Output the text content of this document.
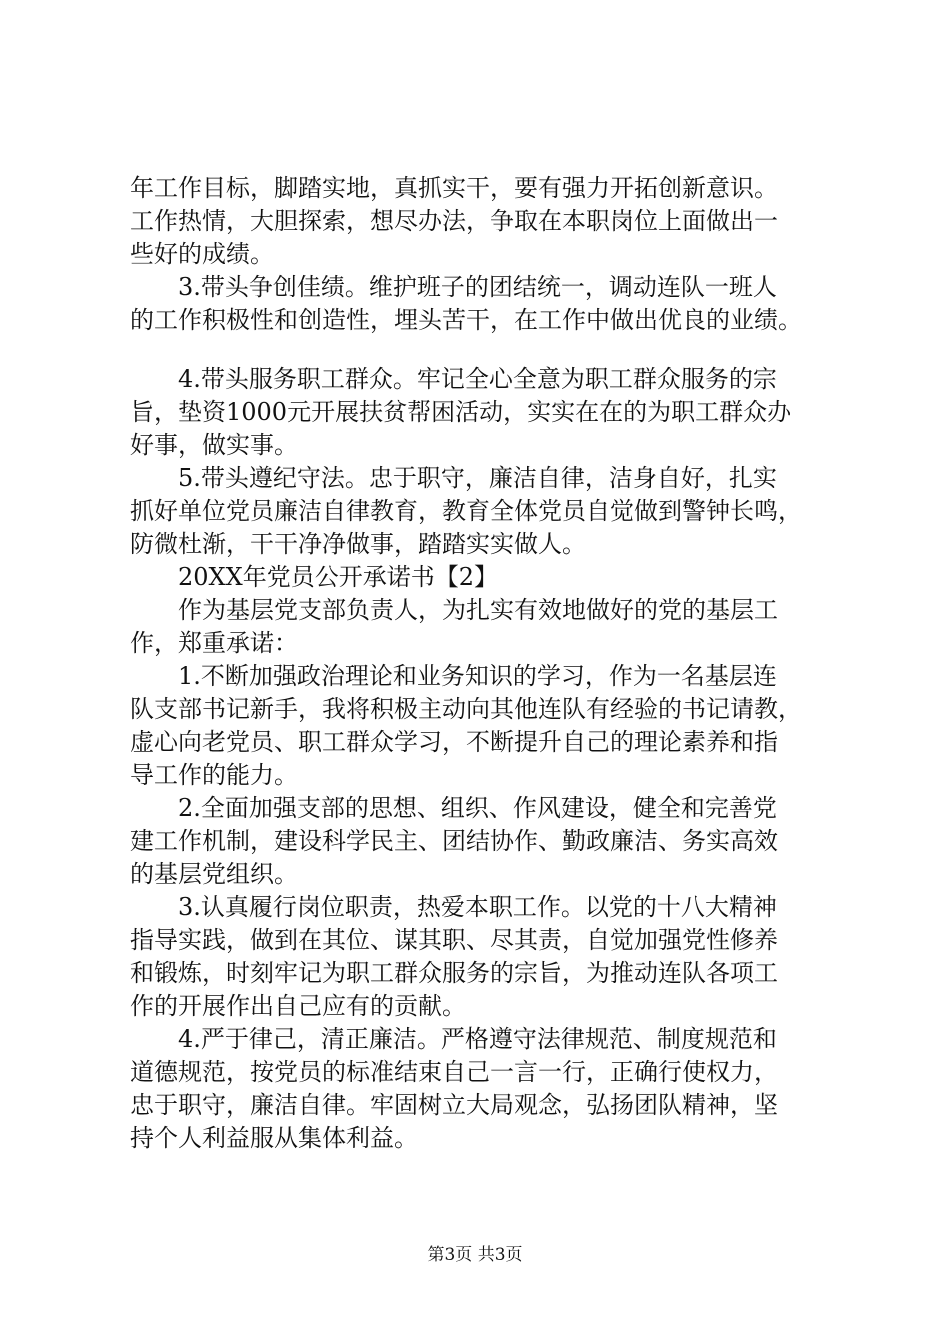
年工作目标，脚踏实地，真抓实干，要有强力开拓创新意识。
工作热情，大胆探索，想尽办法，争取在本职岗位上面做出一
些好的成绩。
3.带头争创佳绩。维护班子的团结统一，调动连队一班人
的工作积极性和创造性，埋头苦干，在工作中做出优良的业绩。
4.带头服务职工群众。牢记全心全意为职工群众服务的宗
旨，垫资1000元开展扶贫帮困活动，实实在在的为职工群众办
好事，做实事。
5.带头遵纪守法。忠于职守，廉洁自律，洁身自好，扎实
抓好单位党员廉洁自律教育，教育全体党员自觉做到警钟长鸣，
防微杜渐，干干净净做事，踏踏实实做人。
20XX年党员公开承诺书【2】
作为基层党支部负责人，为扎实有效地做好的党的基层工
作，郑重承诺：
1.不断加强政治理论和业务知识的学习，作为一名基层连
队支部书记新手，我将积极主动向其他连队有经验的书记请教，
虚心向老党员、职工群众学习，不断提升自己的理论素养和指
导工作的能力。
2.全面加强支部的思想、组织、作风建设，健全和完善党
建工作机制，建设科学民主、团结协作、勤政廉洁、务实高效
的基层党组织。
3.认真履行岗位职责，热爱本职工作。以党的十八大精神
指导实践，做到在其位、谋其职、尽其责，自觉加强党性修养
和锻炼，时刻牢记为职工群众服务的宗旨，为推动连队各项工
作的开展作出自己应有的贡献。
4.严于律己，清正廉洁。严格遵守法律规范、制度规范和
道德规范，按党员的标准结束自己一言一行，正确行使权力，
忠于职守，廉洁自律。牢固树立大局观念，弘扬团队精神，坚
持个人利益服从集体利益。
第3页 共3页
